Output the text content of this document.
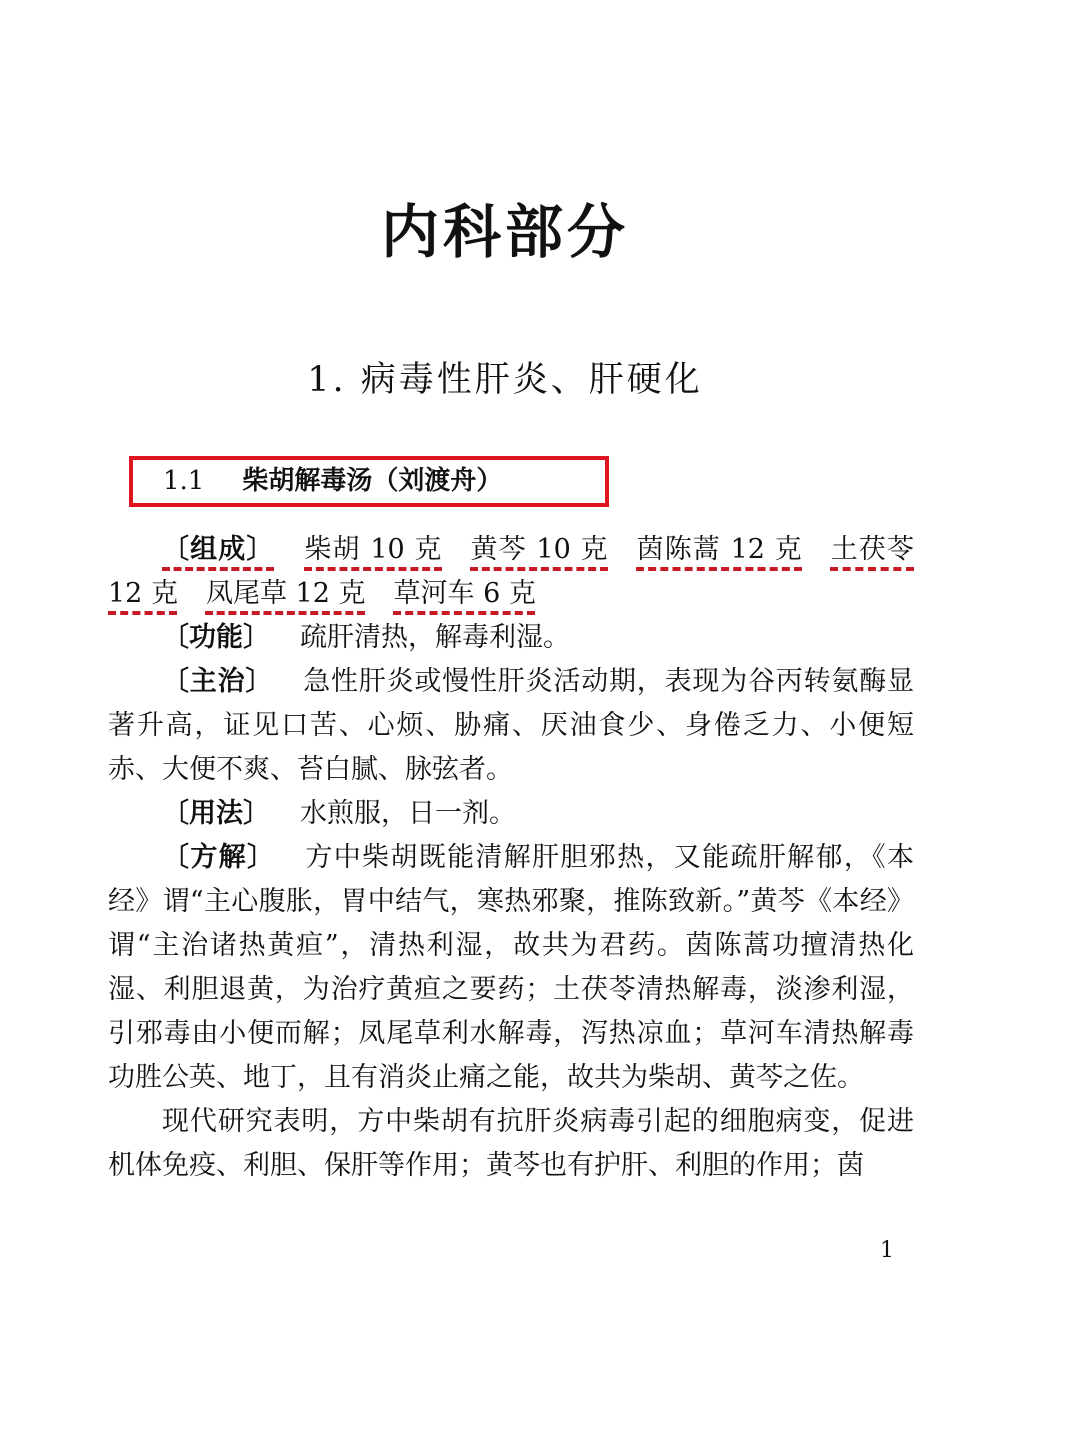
内科部分
1. 病毒性肝炎、肝硬化
1.1 柴胡解毒汤（刘渡舟）

〔组成〕 柴胡 10 克 黄芩 10 克 茵陈蒿 12 克 土茯苓 12 克 凤尾草 12 克 草河车 6 克

〔功能〕 疏肝清热，解毒利湿。

〔主治〕 急性肝炎或慢性肝炎活动期，表现为谷丙转氨酶显著升高，证见口苦、心烦、胁痛、厌油食少、身倦乏力、小便短赤、大便不爽、苔白腻、脉弦者。

〔用法〕 水煎服，日一剂。

〔方解〕 方中柴胡既能清解肝胆邪热，又能疏肝解郁，《本经》谓“主心腹胀，胃中结气，寒热邪聚，推陈致新。”黄芩《本经》谓“主治诸热黄疸”，清热利湿，故共为君药。茵陈蒿功擅清热化湿、利胆退黄，为治疗黄疸之要药；土茯苓清热解毒，淡渗利湿，引邪毒由小便而解；凤尾草利水解毒，泻热凉血；草河车清热解毒功胜公英、地丁，且有消炎止痛之能，故共为柴胡、黄芩之佐。

现代研究表明，方中柴胡有抗肝炎病毒引起的细胞病变，促进机体免疫、利胆、保肝等作用；黄芩也有护肝、利胆的作用；茵

1
